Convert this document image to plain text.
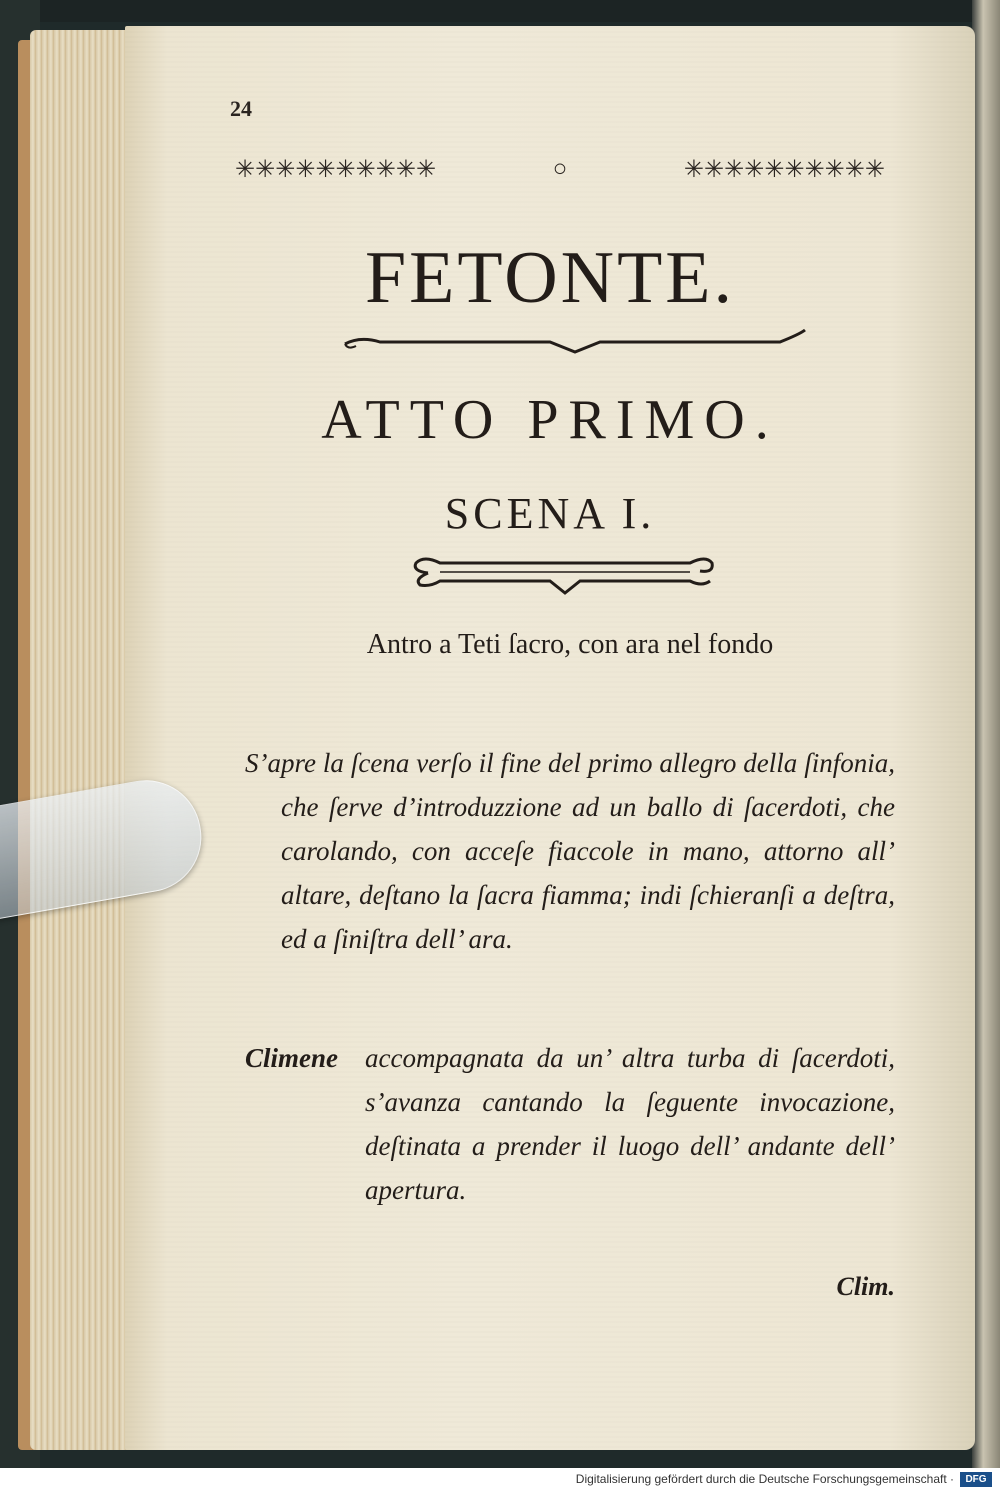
24
✳✳✳✳✳✳✳✳✳✳	○	✳✳✳✳✳✳✳✳✳✳
FETONTE.
ATTO PRIMO.
SCENA I.
Antro a Teti ſacro, con ara nel fondo
S’apre la ſcena verſo il fine del primo allegro della ſinfonia, che ſerve d’introduzzione ad un ballo di ſacerdoti, che carolando, con acceſe fiaccole in mano, attorno all’ altare, deſtano la ſacra fiamma; indi ſchieranſi a deſtra, ed a ſiniſtra dell’ ara.
Climene accompagnata da un’ altra turba di ſacerdoti, s’avanza cantando la ſeguente invocazione, deſtinata a prender il luogo dell’ andante dell’ apertura.
Clim.
Digitalisierung gefördert durch die Deutsche Forschungsgemeinschaft ·	DFG
